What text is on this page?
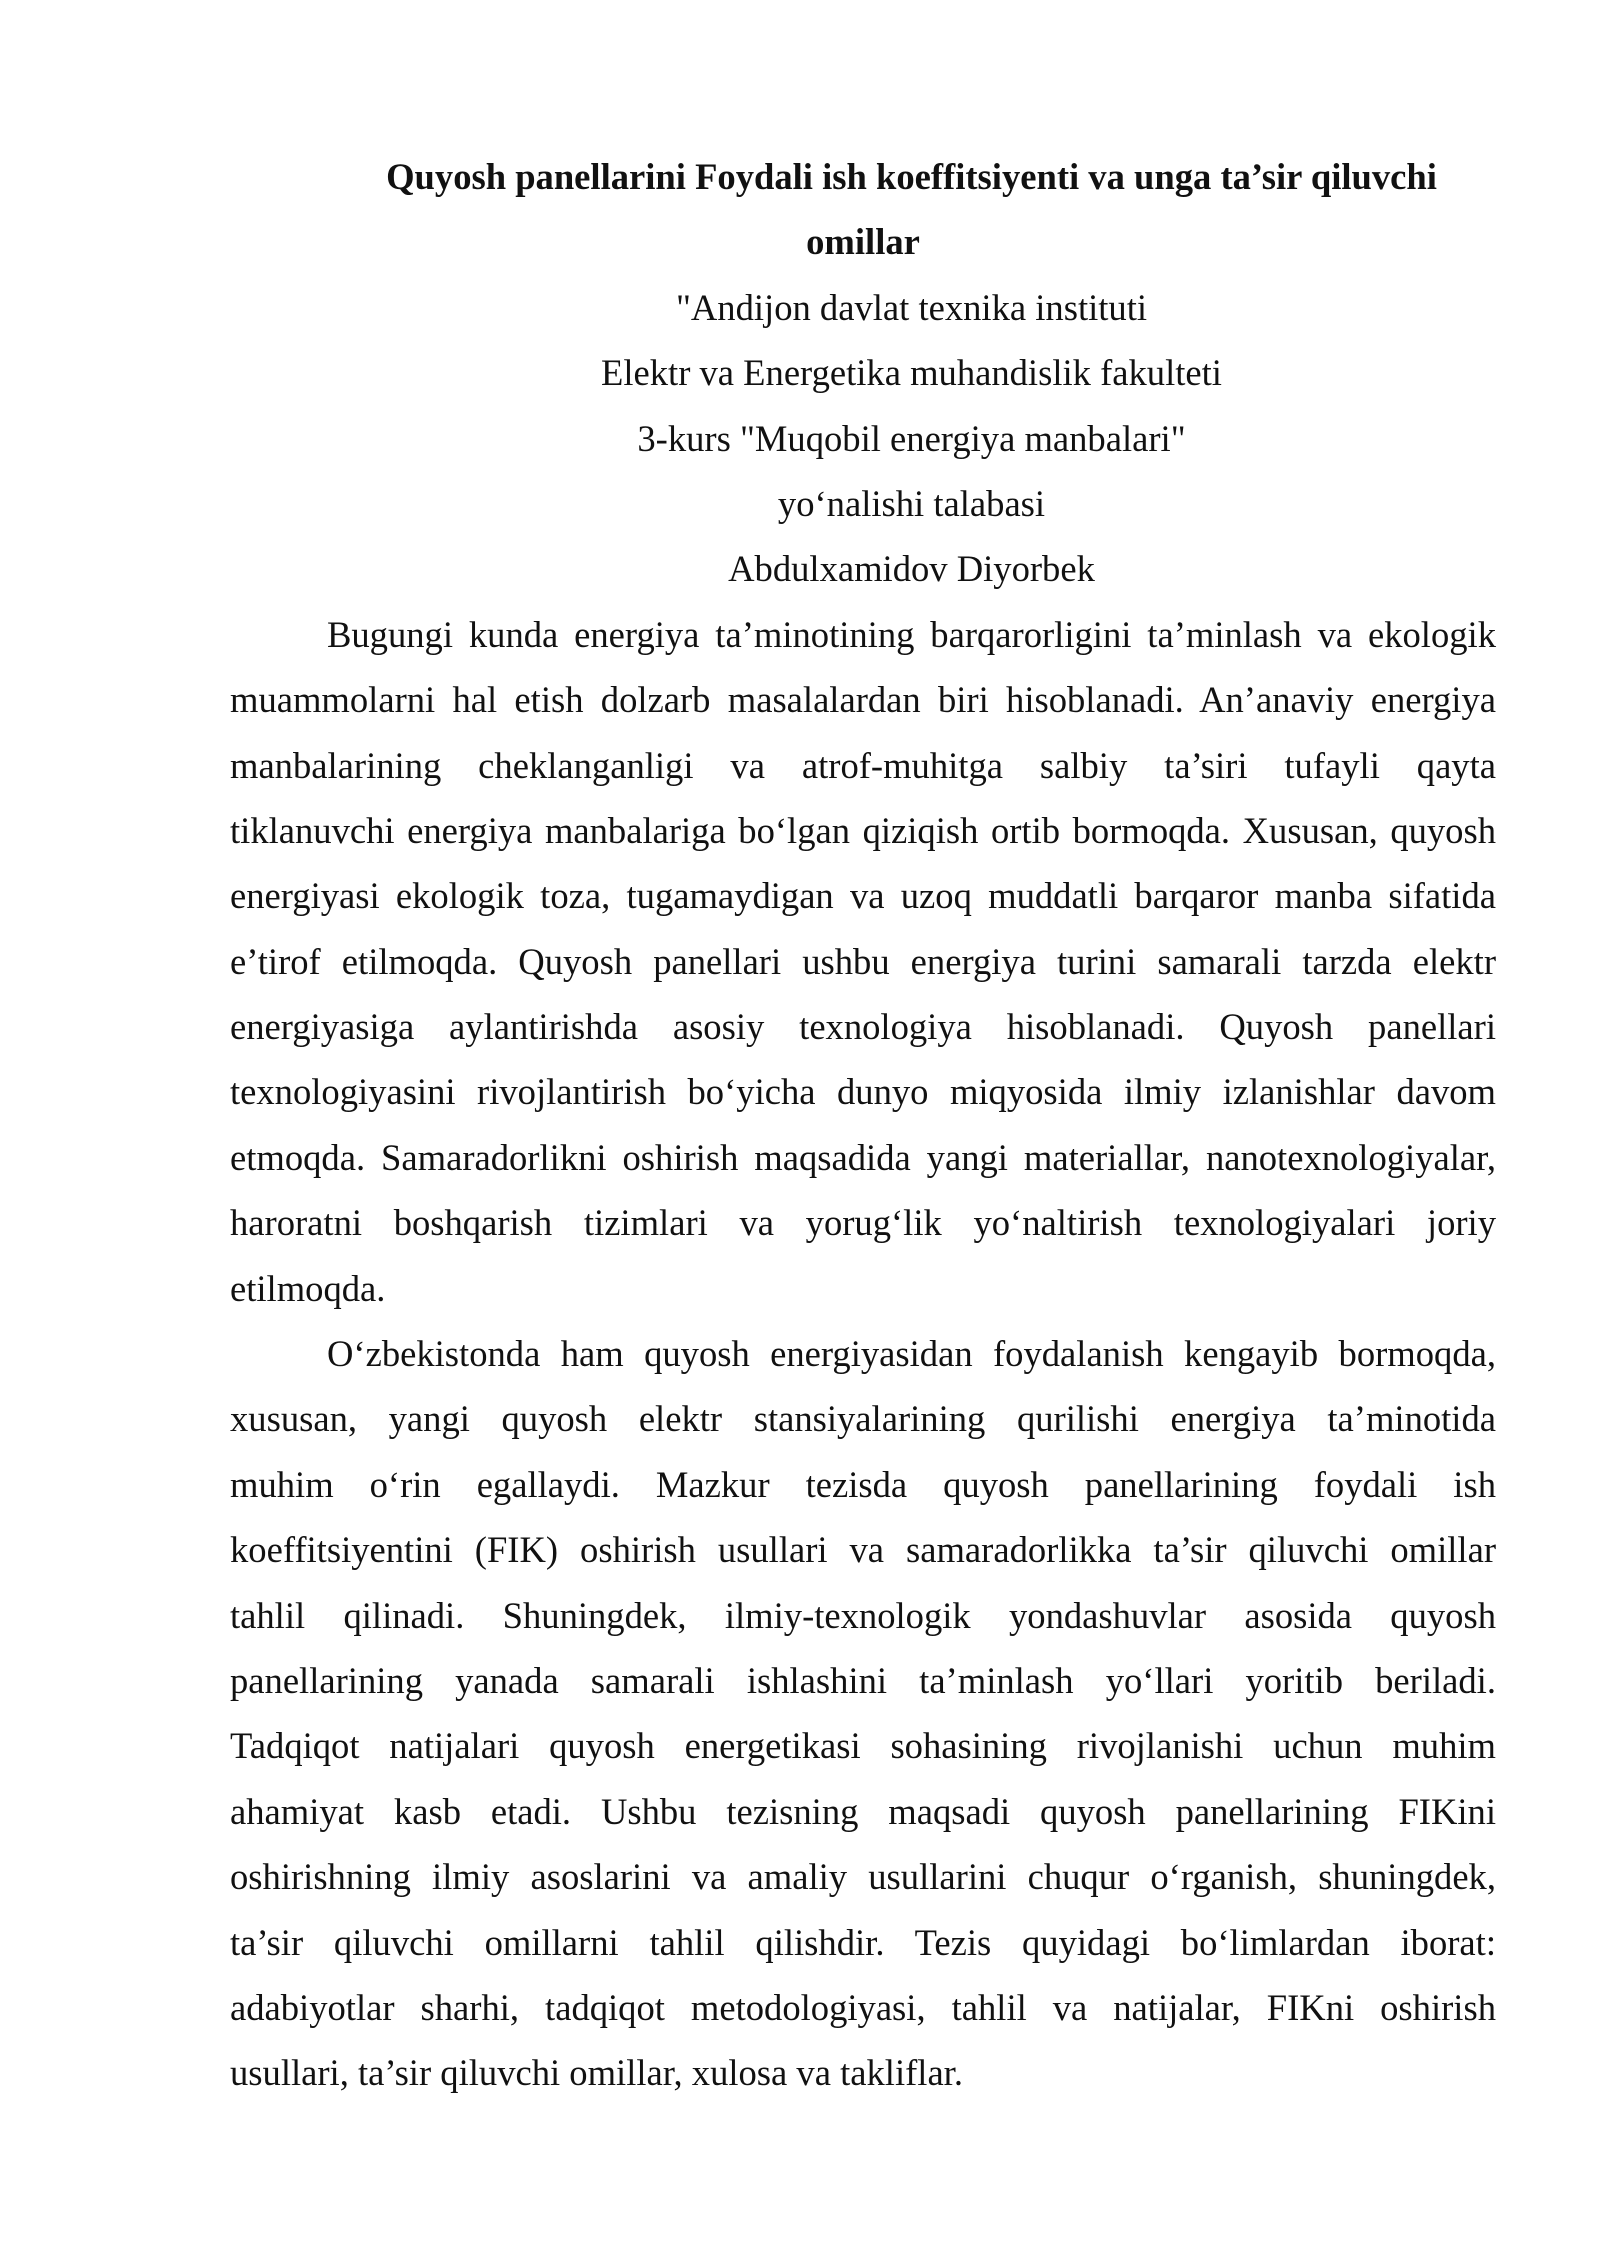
Quyosh panellarini Foydali ish koeffitsiyenti va unga ta’sir qiluvchi
omillar
"Andijon davlat texnika instituti
Elektr va Energetika muhandislik fakulteti
3-kurs "Muqobil energiya manbalari"
yo‘nalishi talabasi
Abdulxamidov Diyorbek
Bugungi kunda energiya ta’minotining barqarorligini ta’minlash va ekologik
muammolarni hal etish dolzarb masalalardan biri hisoblanadi. An’anaviy energiya
manbalarining cheklanganligi va atrof-muhitga salbiy ta’siri tufayli qayta
tiklanuvchi energiya manbalariga bo‘lgan qiziqish ortib bormoqda. Xususan, quyosh
energiyasi ekologik toza, tugamaydigan va uzoq muddatli barqaror manba sifatida
e’tirof etilmoqda. Quyosh panellari ushbu energiya turini samarali tarzda elektr
energiyasiga aylantirishda asosiy texnologiya hisoblanadi. Quyosh panellari
texnologiyasini rivojlantirish bo‘yicha dunyo miqyosida ilmiy izlanishlar davom
etmoqda. Samaradorlikni oshirish maqsadida yangi materiallar, nanotexnologiyalar,
haroratni boshqarish tizimlari va yorug‘lik yo‘naltirish texnologiyalari joriy
etilmoqda.
O‘zbekistonda ham quyosh energiyasidan foydalanish kengayib bormoqda,
xususan, yangi quyosh elektr stansiyalarining qurilishi energiya ta’minotida
muhim o‘rin egallaydi. Mazkur tezisda quyosh panellarining foydali ish
koeffitsiyentini (FIK) oshirish usullari va samaradorlikka ta’sir qiluvchi omillar
tahlil qilinadi. Shuningdek, ilmiy-texnologik yondashuvlar asosida quyosh
panellarining yanada samarali ishlashini ta’minlash yo‘llari yoritib beriladi.
Tadqiqot natijalari quyosh energetikasi sohasining rivojlanishi uchun muhim
ahamiyat kasb etadi. Ushbu tezisning maqsadi quyosh panellarining FIKini
oshirishning ilmiy asoslarini va amaliy usullarini chuqur o‘rganish, shuningdek,
ta’sir qiluvchi omillarni tahlil qilishdir. Tezis quyidagi bo‘limlardan iborat:
adabiyotlar sharhi, tadqiqot metodologiyasi, tahlil va natijalar, FIKni oshirish
usullari, ta’sir qiluvchi omillar, xulosa va takliflar.
